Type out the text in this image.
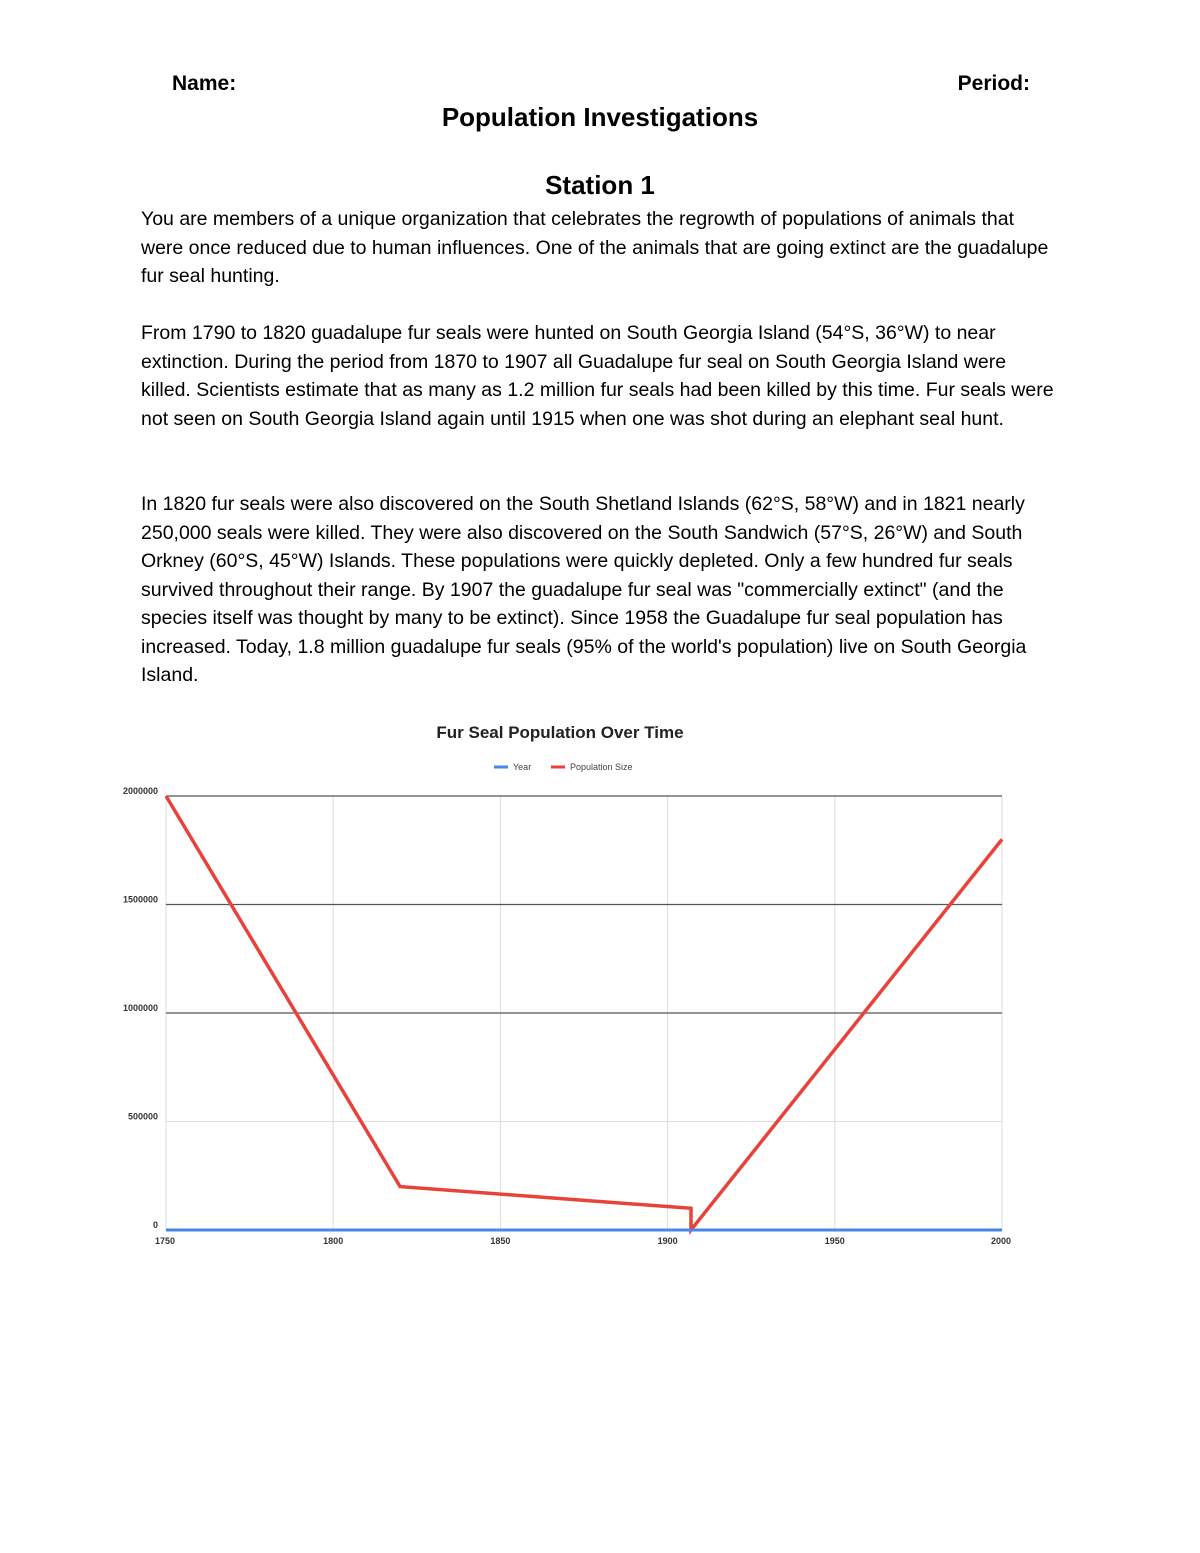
Name:	Period:
Population Investigations
Station 1

You are members of a unique organization that celebrates the regrowth of populations of animals that were once reduced due to human influences. One of the animals that are going extinct are the guadalupe fur seal hunting.

From 1790 to 1820 guadalupe fur seals were hunted on South Georgia Island (54°S, 36°W) to near extinction. During the period from 1870 to 1907 all Guadalupe fur seal on South Georgia Island were killed. Scientists estimate that as many as 1.2 million fur seals had been killed by this time. Fur seals were not seen on South Georgia Island again until 1915 when one was shot during an elephant seal hunt.

In 1820 fur seals were also discovered on the South Shetland Islands (62°S, 58°W) and in 1821 nearly 250,000 seals were killed. They were also discovered on the South Sandwich (57°S, 26°W) and South Orkney (60°S, 45°W) Islands. These populations were quickly depleted. Only a few hundred fur seals survived throughout their range. By 1907 the guadalupe fur seal was "commercially extinct" (and the species itself was thought by many to be extinct). Since 1958 the Guadalupe fur seal population has increased. Today, 1.8 million guadalupe fur seals (95% of the world's population) live on South Georgia Island.

Fur Seal Population Over Time
Year	Population Size
1750	1800	1850	1900	1950	2000
0
500000
1000000
1500000
2000000
